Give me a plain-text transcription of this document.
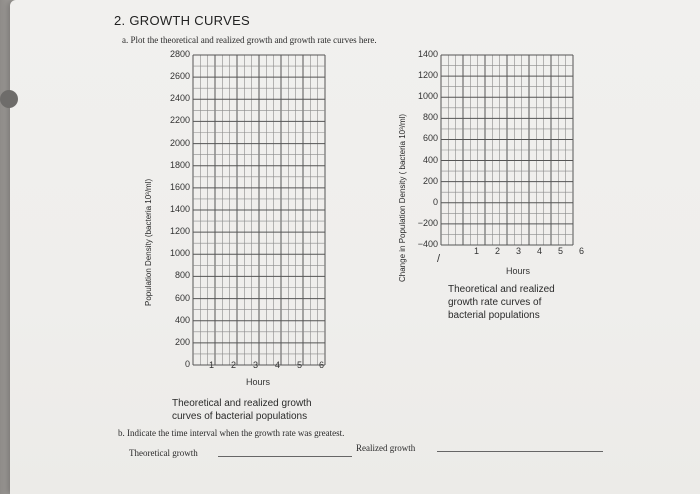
2. GROWTH CURVES
a. Plot the theoretical and realized growth and growth rate curves here.
Population Density (bacteria 10³/ml)
2800
2600
2400
2200
2000
1800
1600
1400
1200
1000
800
600
400
200
0 1 2 3 4 5 6
Hours
Theoretical and realized growth
curves of bacterial populations
Change in Population Density ( bacteria 10³/ml)
1400
1200
1000
800
600
400
200
0
−200
−400
1 2 3 4 5 6
/
Hours
Theoretical and realized
growth rate curves of
bacterial populations
b. Indicate the time interval when the growth rate was greatest.
Theoretical growth	Realized growth
